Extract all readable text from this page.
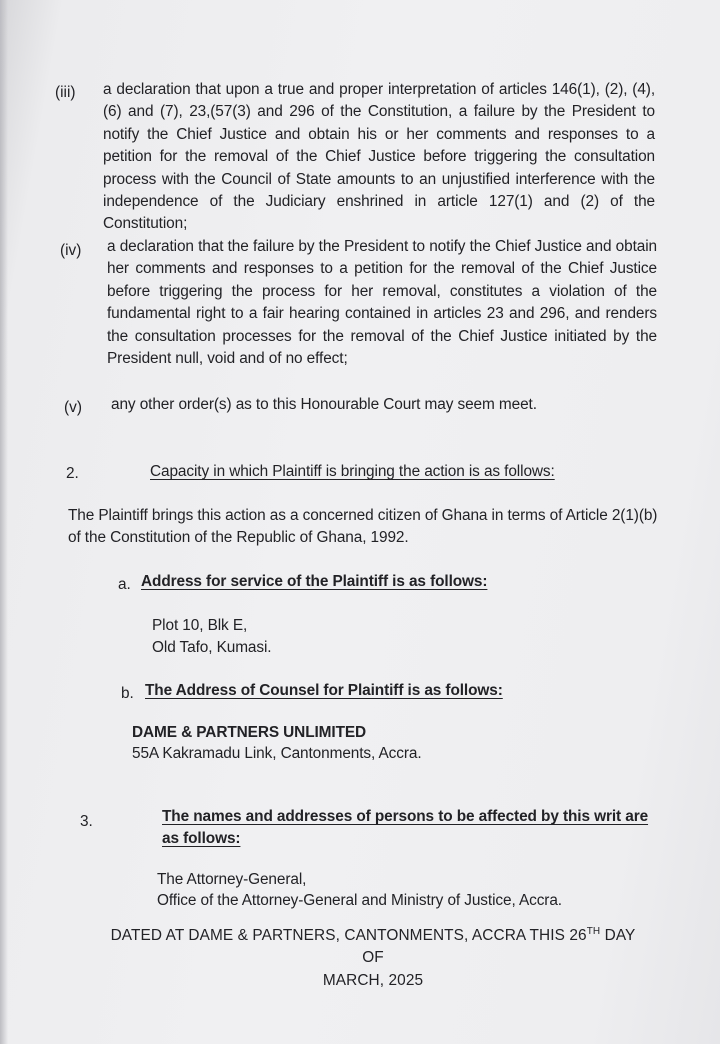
(iii) a declaration that upon a true and proper interpretation of articles 146(1), (2), (4), (6) and (7), 23,(57(3) and 296 of the Constitution, a failure by the President to notify the Chief Justice and obtain his or her comments and responses to a petition for the removal of the Chief Justice before triggering the consultation process with the Council of State amounts to an unjustified interference with the independence of the Judiciary enshrined in article 127(1) and (2) of the Constitution;
(iv) a declaration that the failure by the President to notify the Chief Justice and obtain her comments and responses to a petition for the removal of the Chief Justice before triggering the process for her removal, constitutes a violation of the fundamental right to a fair hearing contained in articles 23 and 296, and renders the consultation processes for the removal of the Chief Justice initiated by the President null, void and of no effect;
(v) any other order(s) as to this Honourable Court may seem meet.
2.	Capacity in which Plaintiff is bringing the action is as follows:
The Plaintiff brings this action as a concerned citizen of Ghana in terms of Article 2(1)(b) of the Constitution of the Republic of Ghana, 1992.
a. Address for service of the Plaintiff is as follows:
Plot 10, Blk E,
Old Tafo, Kumasi.
b. The Address of Counsel for Plaintiff is as follows:
DAME & PARTNERS UNLIMITED
55A Kakramadu Link, Cantonments, Accra.
3.	The names and addresses of persons to be affected by this writ are as follows:
The Attorney-General,
Office of the Attorney-General and Ministry of Justice, Accra.
DATED AT DAME & PARTNERS, CANTONMENTS, ACCRA THIS 26TH DAY OF
MARCH, 2025
